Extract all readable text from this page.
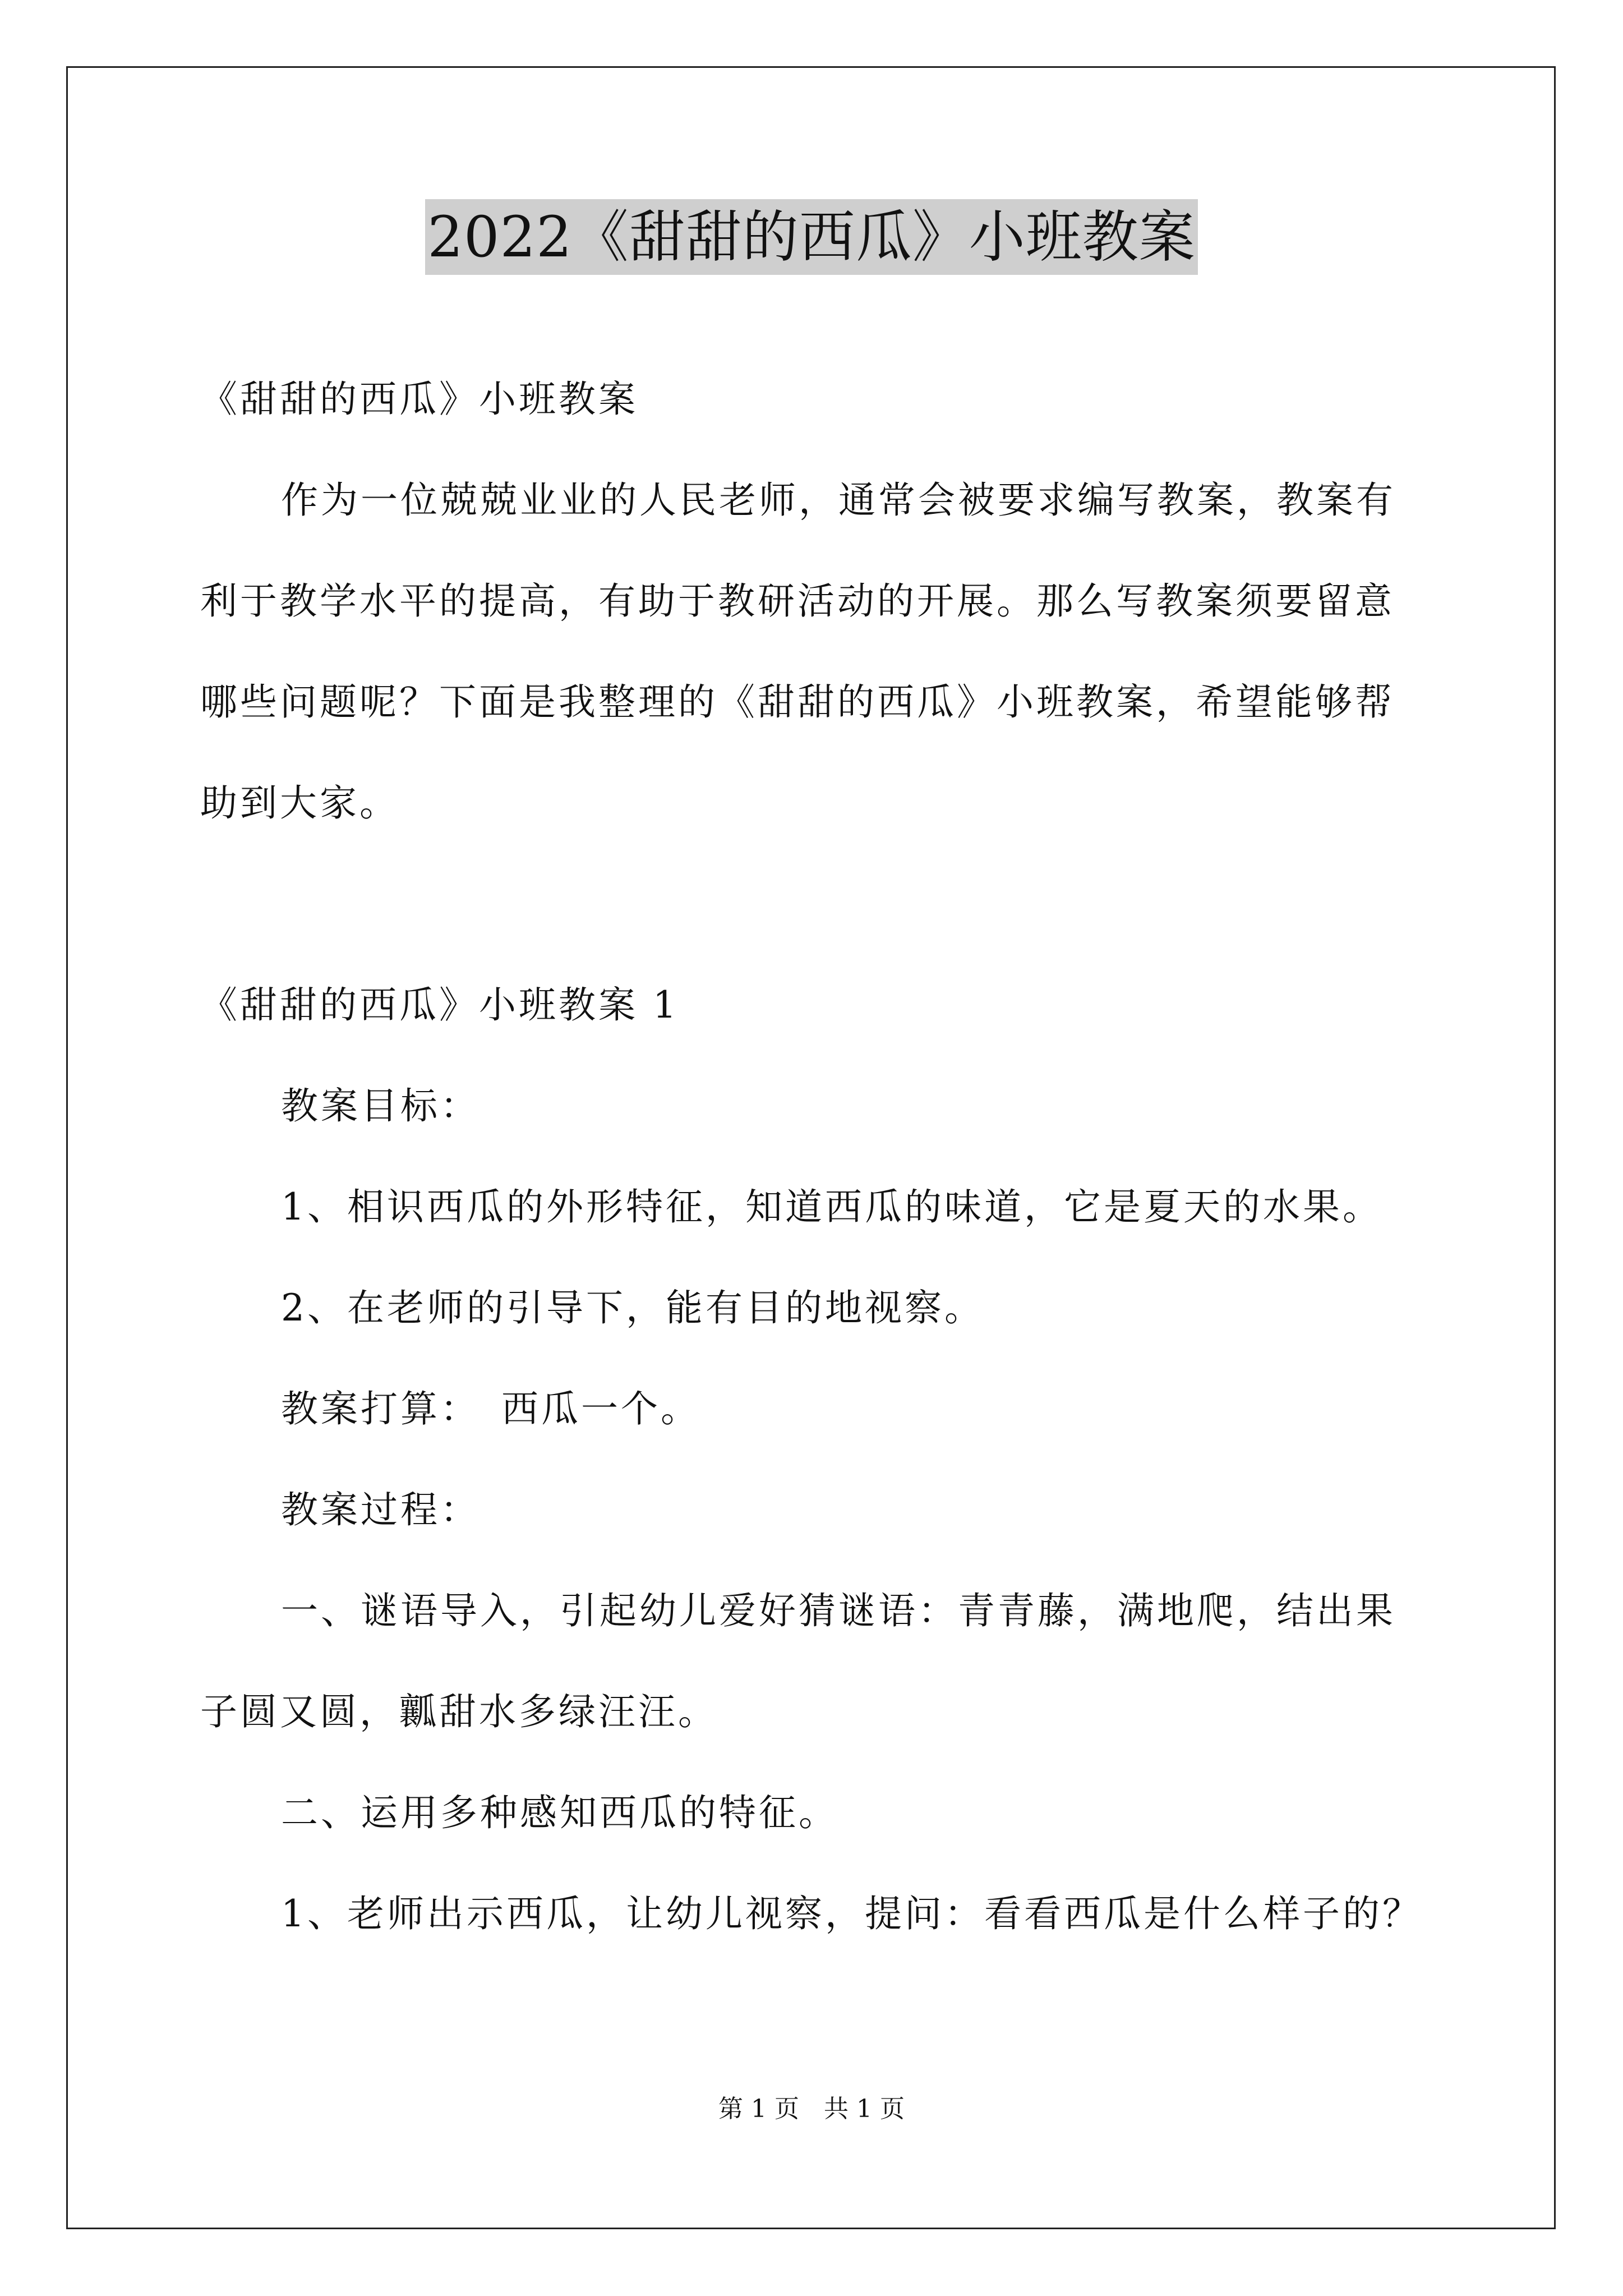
2022《甜甜的西瓜》小班教案

《甜甜的西瓜》小班教案

作为一位兢兢业业的人民老师，通常会被要求编写教案，教案有

利于教学水平的提高，有助于教研活动的开展。那么写教案须要留意

哪些问题呢？下面是我整理的《甜甜的西瓜》小班教案，希望能够帮

助到大家。

《甜甜的西瓜》小班教案 1

教案目标：

1、相识西瓜的外形特征，知道西瓜的味道，它是夏天的水果。

2、在老师的引导下，能有目的地视察。

教案打算：　西瓜一个。

教案过程：

一、谜语导入，引起幼儿爱好猜谜语：青青藤，满地爬，结出果

子圆又圆，瓤甜水多绿汪汪。

二、运用多种感知西瓜的特征。

1、老师出示西瓜，让幼儿视察，提问：看看西瓜是什么样子的？

第 1 页　共 1 页
